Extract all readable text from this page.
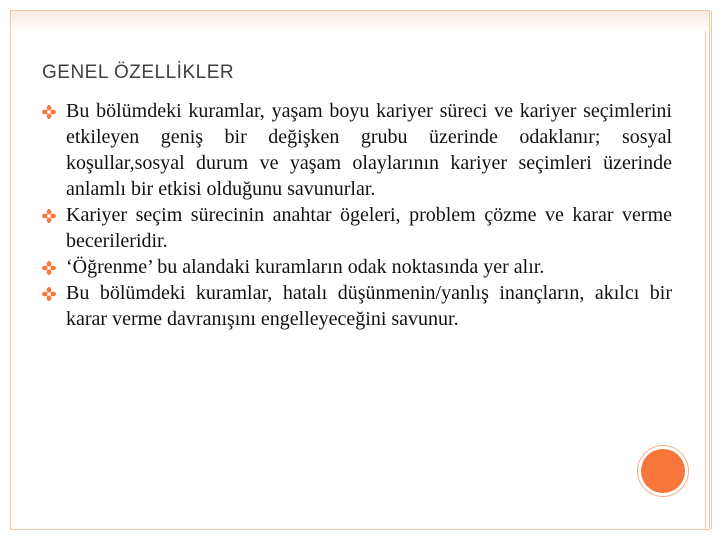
GENEL ÖZELLİKLER
Bu bölümdeki kuramlar, yaşam boyu kariyer süreci ve kariyer seçimlerini etkileyen geniş bir değişken grubu üzerinde odaklanır; sosyal koşullar,sosyal durum ve yaşam olaylarının kariyer seçimleri üzerinde anlamlı bir etkisi olduğunu savunurlar.
Kariyer seçim sürecinin anahtar ögeleri, problem çözme ve karar verme becerileridir.
‘Öğrenme’ bu alandaki kuramların odak noktasında yer alır.
Bu bölümdeki kuramlar, hatalı düşünmenin/yanlış inançların, akılcı bir karar verme davranışını engelleyeceğini savunur.
